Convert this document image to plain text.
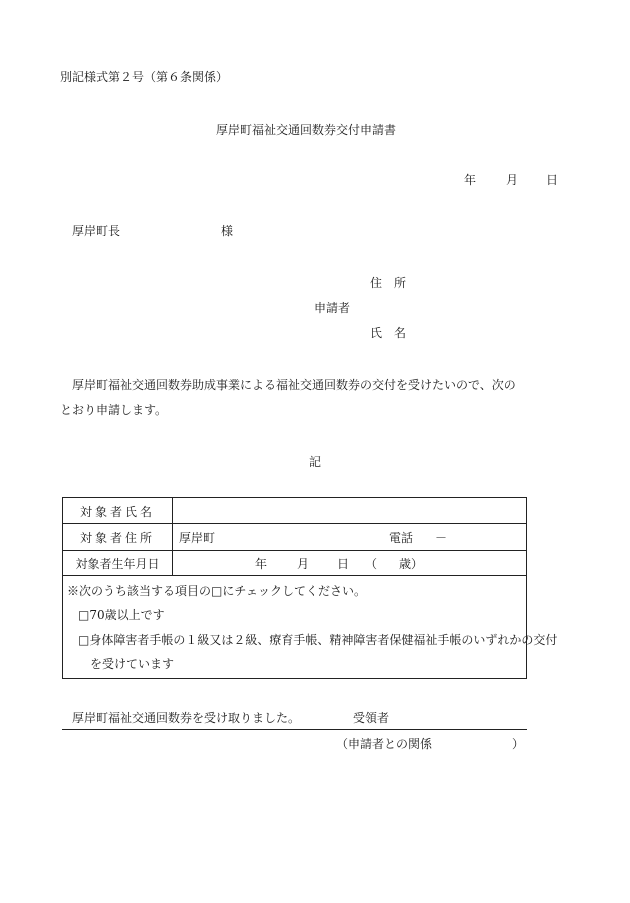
別記様式第２号（第６条関係）
厚岸町福祉交通回数券交付申請書
年 月 日
厚岸町長	様
住　所
申請者
氏　名
厚岸町福祉交通回数券助成事業による福祉交通回数券の交付を受けたいので、次の
とおり申請します。
記
対象者氏名
対象者住所	厚岸町	電話 －
対象者生年月日	年 月 日 （ 歳）
※次のうち該当する項目の□にチェックしてください。
□70歳以上です
□身体障害者手帳の１級又は２級、療育手帳、精神障害者保健福祉手帳のいずれかの交付
を受けています
厚岸町福祉交通回数券を受け取りました。	受領者
（申請者との関係	）
